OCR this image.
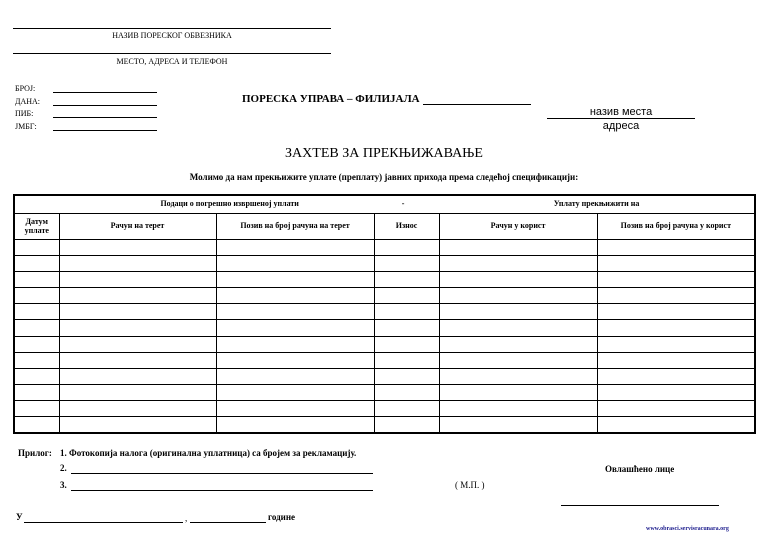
НАЗИВ ПОРЕСКОГ ОБВЕЗНИКА
МЕСТО, АДРЕСА И ТЕЛЕФОН
БРОЈ:
ДАНА:
ПИБ:
ЈМБГ:
ПОРЕСКА УПРАВА – ФИЛИЈАЛА
назив места
адреса
ЗАХТЕВ ЗА ПРЕКЊИЖАВАЊЕ
Молимо да нам прекњижите уплате (преплату) јавних прихода према следећој спецификацији:
Подаци о погрешно извршеној уплати -				Уплату прекњижити на	
Датум уплате	Рачун на терет	Позив на број рачуна на терет	Износ	Рачун у корист	Позив на број рачуна у корист

Прилог: 1. Фотокопија налога (оригинална уплатница) са бројем за рекламацију.
2.
3.	( М.П. )
Овлашћено лице
У	,	године
www.obrasci.servisracunara.org
